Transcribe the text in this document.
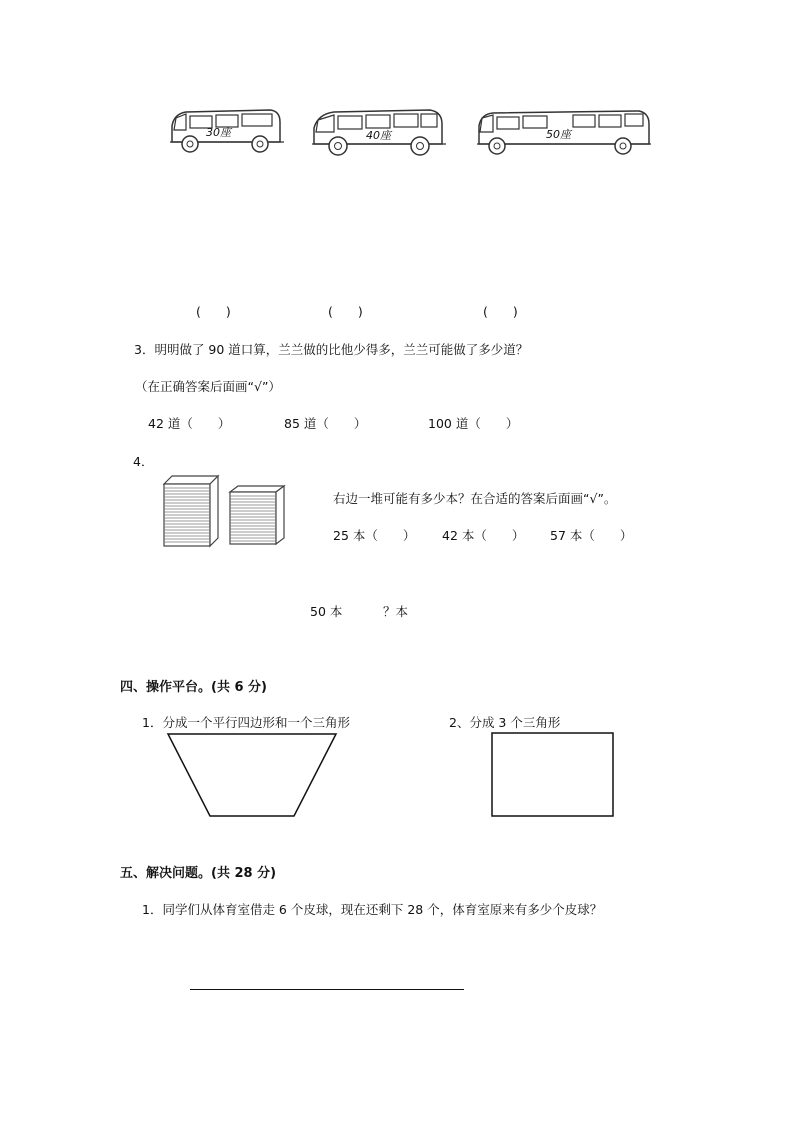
30座	40座	50座
(　　)	(　　)	(　　)
3．明明做了 90 道口算，兰兰做的比他少得多，兰兰可能做了多少道？
（在正确答案后面画“√”）
42 道（　　）	85 道（　　）	100 道（　　）
4．
右边一堆可能有多少本？在合适的答案后面画“√”。
25 本（　　） 42 本（　　） 57 本（　　）
50 本	？本
四、操作平台。(共 6 分)
1．分成一个平行四边形和一个三角形	2、分成 3 个三角形
五、解决问题。(共 28 分)
1．同学们从体育室借走 6 个皮球，现在还剩下 28 个，体育室原来有多少个皮球？
